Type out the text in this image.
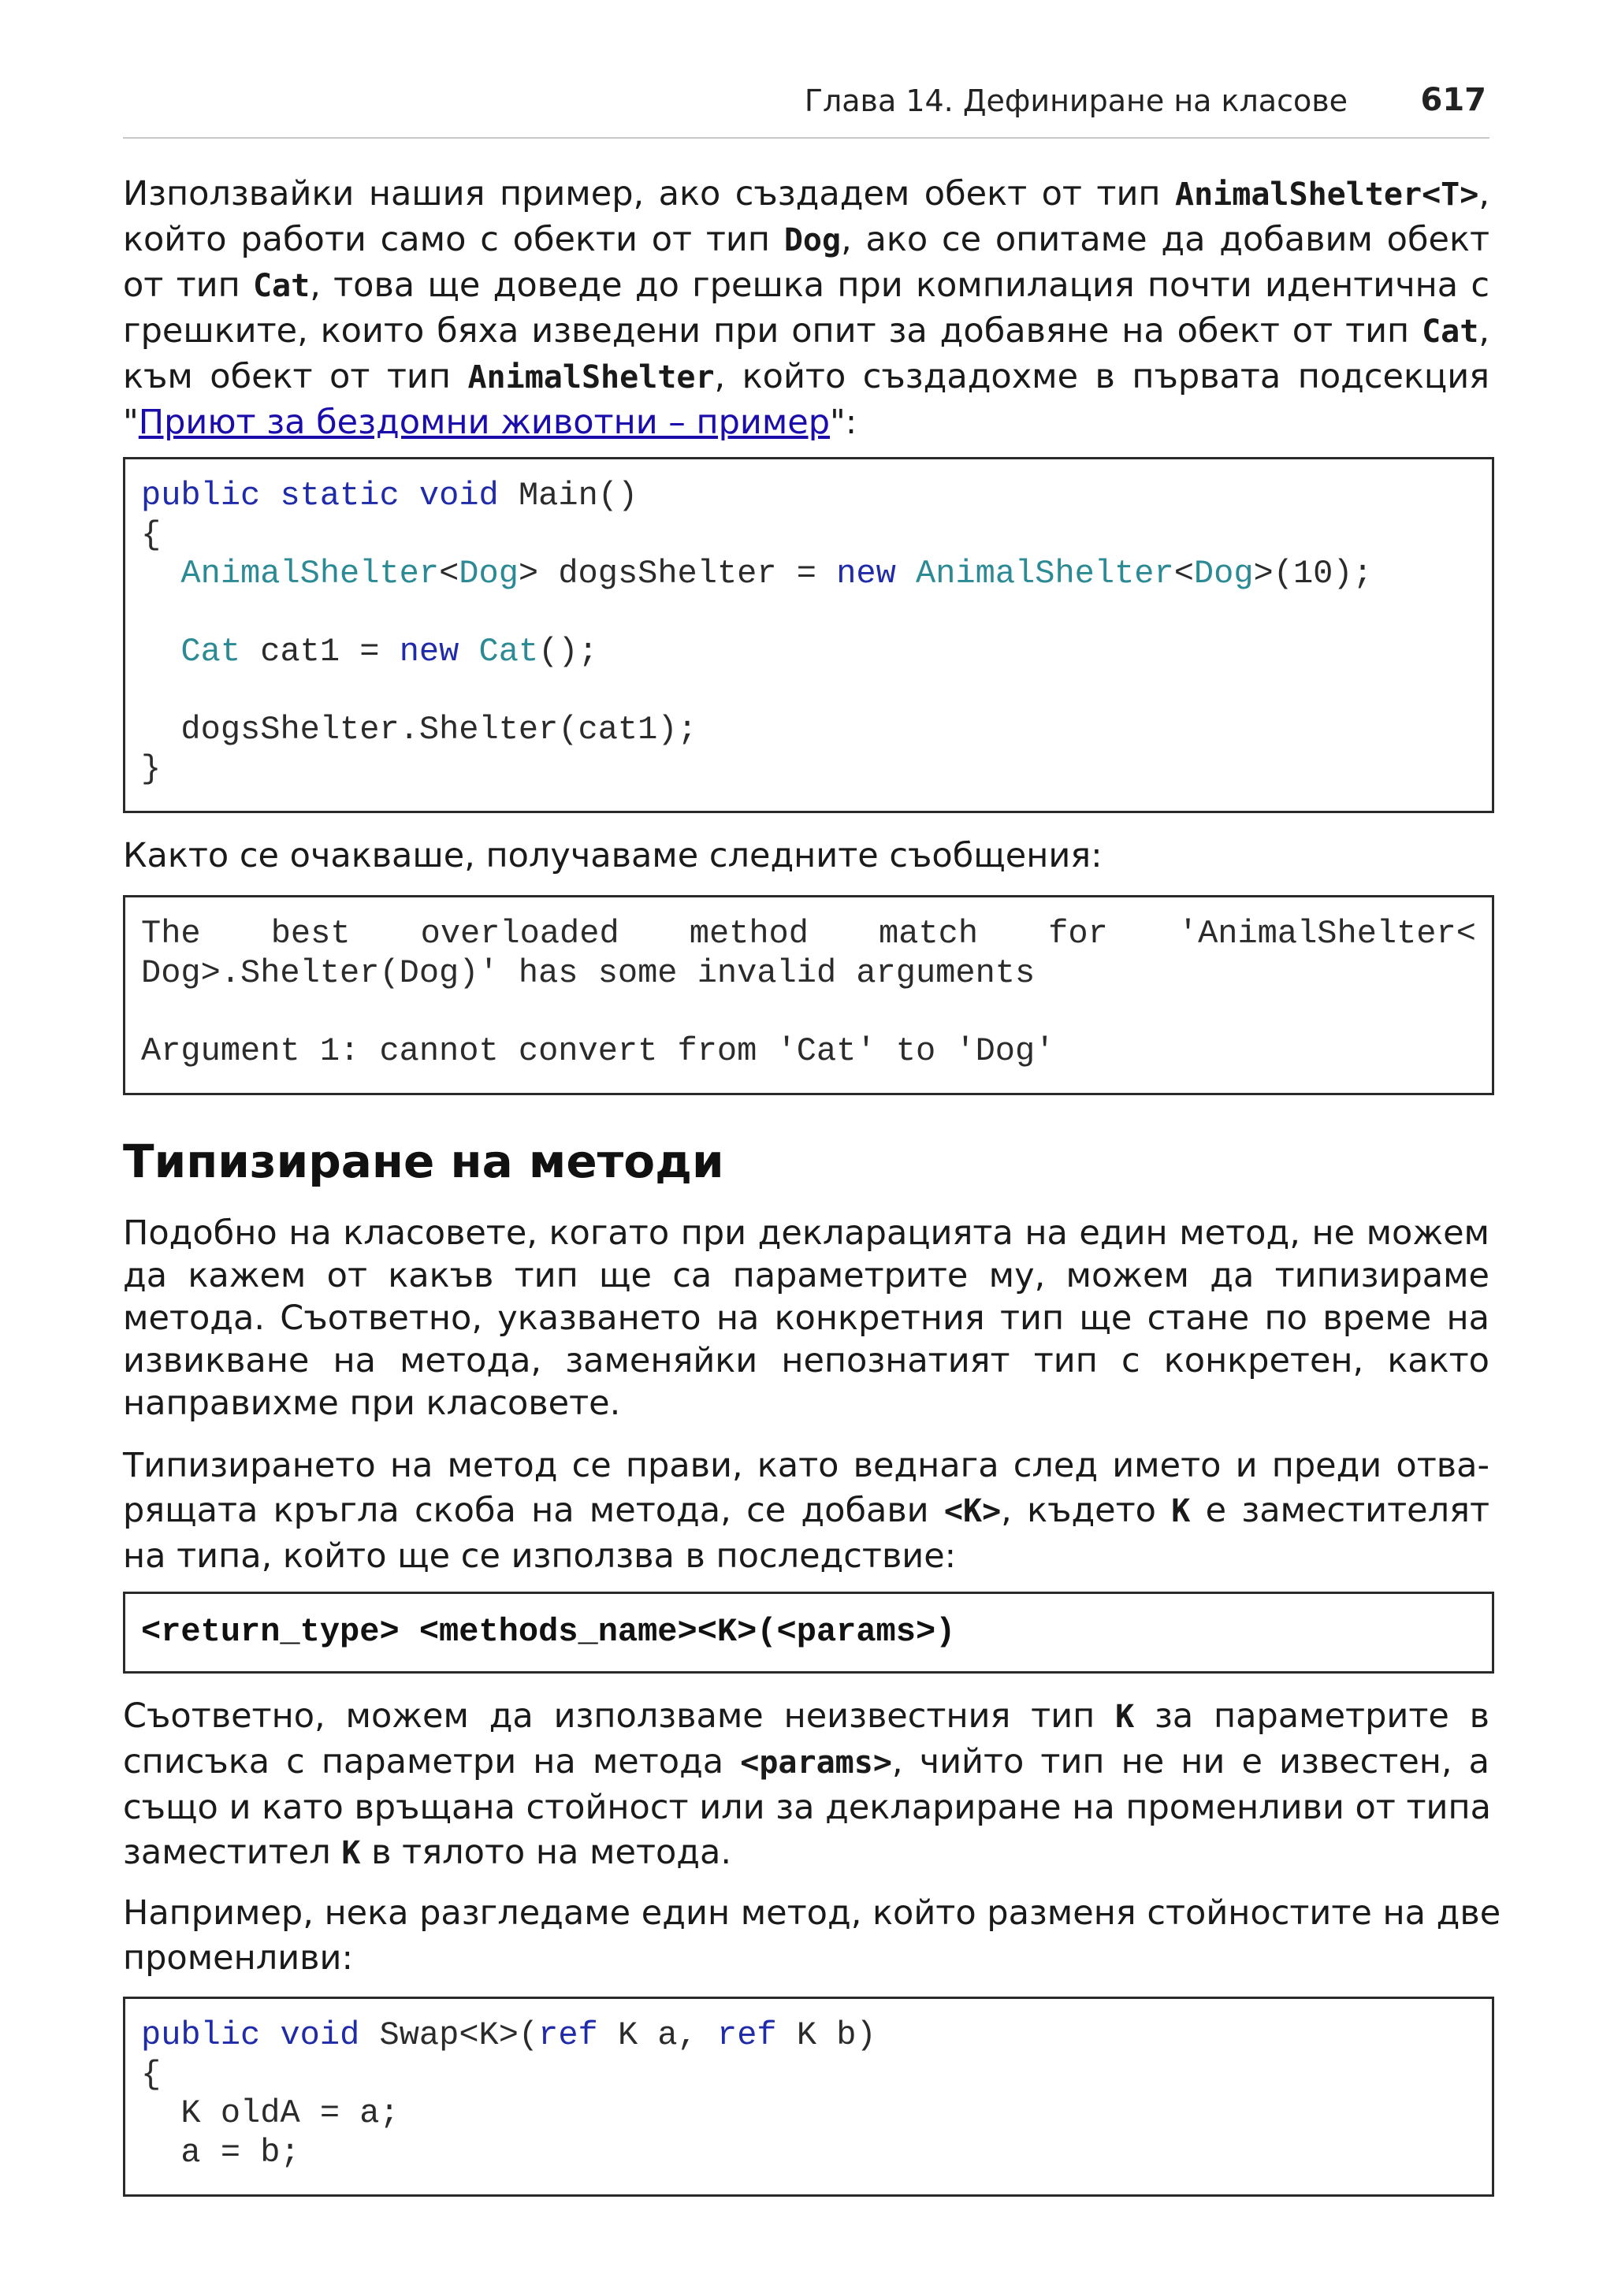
Глава 14. Дефиниране на класове 617
Използвайки нашия пример, ако създадем обект от тип AnimalShelter<T>,
който работи само с обекти от тип Dog, ако се опитаме да добавим обект
от тип Cat, това ще доведе до грешка при компилация почти идентична с
грешките, които бяха изведени при опит за добавяне на обект от тип Cat,
към обект от тип AnimalShelter, който създадохме в първата подсекция
"Приют за бездомни животни – пример":
public static void Main()
{
AnimalShelter<Dog> dogsShelter = new AnimalShelter<Dog>(10);
Cat cat1 = new Cat();
dogsShelter.Shelter(cat1);
}
Както се очакваше, получаваме следните съобщения:
The best overloaded method match for 'AnimalShelter<
Dog>.Shelter(Dog)' has some invalid arguments
Argument 1: cannot convert from 'Cat' to 'Dog'
Типизиране на методи
Подобно на класовете, когато при декларацията на един метод, не можем
да кажем от какъв тип ще са параметрите му, можем да типизираме
метода. Съответно, указването на конкретния тип ще стане по време на
извикване на метода, заменяйки непознатият тип с конкретен, както
направихме при класовете.
Типизирането на метод се прави, като веднага след името и преди отва-
рящата кръгла скоба на метода, се добави <K>, където K е заместителят
на типа, който ще се използва в последствие:
<return_type> <methods_name><K>(<params>)
Съответно, можем да използваме неизвестния тип K за параметрите в
списъка с параметри на метода <params>, чийто тип не ни е известен, а
също и като връщана стойност или за деклариране на променливи от типа
заместител K в тялото на метода.
Например, нека разгледаме един метод, който разменя стойностите на две
променливи:
public void Swap<K>(ref K a, ref K b)
{
K oldA = a;
a = b;
